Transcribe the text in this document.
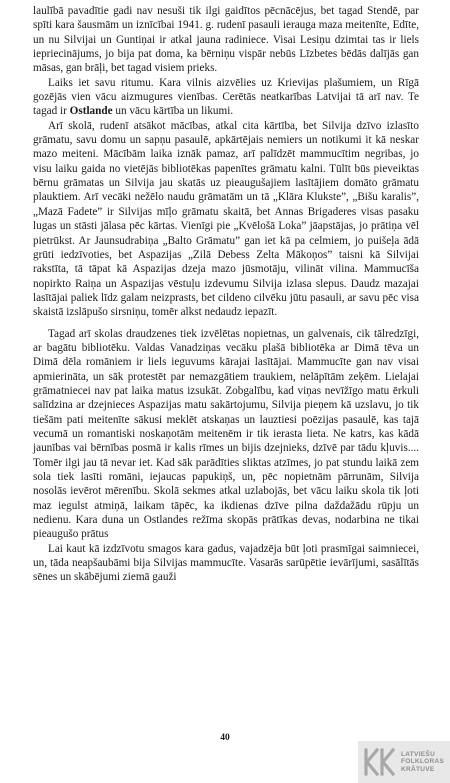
laulībā pavadītie gadi nav nesuši tik ilgi gaidītos pēcnācējus, bet tagad Stendē, par spīti kara šausmām un iznīcībai 1941. g. rudenī pasauli ierauga maza meitenīte, Edīte, un nu Silvijai un Guntiņai ir atkal jauna radiniece. Visai Lesiņu dzimtai tas ir liels iepriecinājums, jo bija pat doma, ka bērniņu vispār nebūs Līzbetes bēdās dalījās gan māsas, gan brāļi, bet tagad visiem prieks.

Laiks iet savu ritumu. Kara vilnis aizvēlies uz Krievijas plašumiem, un Rīgā gozējās vien vācu aizmugures vienības. Cerētās neatkarības Latvijai tā arī nav. Te tagad ir Ostlande un vācu kārtība un likumi.

Arī skolā, rudenī atsākot mācības, atkal cita kārtība, bet Silvija dzīvo izlasīto grāmatu, savu domu un sapņu pasaulē, apkārtējais nemiers un notikumi it kā neskar mazo meiteni. Mācībām laika iznāk pamaz, arī palīdzēt mammucītim negribas, jo visu laiku gaida no vietējās bibliotēkas papenītes grāmatu kalni. Tūlīt būs pieveiktas bērnu grāmatas un Silvija jau skatās uz pieaugušajiem lasītājiem domāto grāmatu plauktiem. Arī vecāki nežēlo naudu grāmatām un tā „Klāra Klukste”, „Bišu karalis”, „Mazā Fadete” ir Silvijas mīļo grāmatu skaitā, bet Annas Brigaderes visas pasaku lugas un stāsti jālasa pēc kārtas. Vienīgi pie „Kvēlošā Loka” jāapstājas, jo prātiņa vēl pietrūkst. Ar Jaunsudrabiņa „Balto Grāmatu” gan iet kā pa celmiem, jo puišeļa ādā grūti iedzīvoties, bet Aspazijas „Zilā Debess Zelta Mākoņos” taisni kā Silvijai rakstīta, tā tāpat kā Aspazijas dzeja mazo jūsmotāju, vilināt vilina. Mammucīša nopirkto Raiņa un Aspazijas vēstuļu izdevumu Silvija izlasa slepus. Daudz mazajai lasītājai paliek līdz galam neizprasts, bet cildeno cilvēku jūtu pasauli, ar savu pēc visa skaistā izslāpušo sirsniņu, tomēr alkst nedaudz iepazīt.

Tagad arī skolas draudzenes tiek izvēlētas nopietnas, un galvenais, cik tālredzīgi, ar bagātu bibliotēku. Valdas Vanadziņas vecāku plašā bibliotēka ar Dimā tēva un Dimā dēla romāniem ir liels ieguvums kārajai lasītājai. Mammucīte gan nav visai apmierināta, un sāk protestēt par nemazgātiem traukiem, nelāpītām zeķēm. Lielajai grāmatniecei nav pat laika matus izsukāt. Zobgalību, kad viņas nevīžīgo matu ērkuli salīdzina ar dzejnieces Aspazijas matu sakārtojumu, Silvija pieņem kā uzslavu, jo tik tiešām pati meitenīte sākusi meklēt atskaņas un lauztiesi poēzijas pasaulē, kas tajā vecumā un romantiski noskaņotām meitenēm ir tik ierasta lieta. Ne katrs, kas kādā jaunības vai bērnības posmā ir kalis rīmes un bijis dzejnieks, dzīvē par tādu kļuvis.... Tomēr ilgi jau tā nevar iet. Kad sāk parādīties sliktas atzīmes, jo pat stundu laikā zem sola tiek lasīti romāni, iejaucas papukiņš, un, pēc nopietnām pārrunām, Silvija nosolās ievērot mērenību. Skolā sekmes atkal uzlabojās, bet vācu laiku skola tik ļoti maz iegulst atmiņā, laikam tāpēc, ka ikdienas dzīve pilna daždažādu rūpju un nedienu. Kara duna un Ostlandes režīma skopās prātīkas devas, nodarbina ne tikai pieaugušo prātus

Lai kaut kā izdzīvotu smagos kara gadus, vajadzēja būt ļoti prasmīgai saimniecei, un, tāda neapšaubāmi bija Silvijas mammucīte. Vasarās sarūpētie ievārījumi, sasālītās sēnes un skābējumi ziemā gauži

40
LATVIEŠU
FOLKLORAS
KRĀTUVE
